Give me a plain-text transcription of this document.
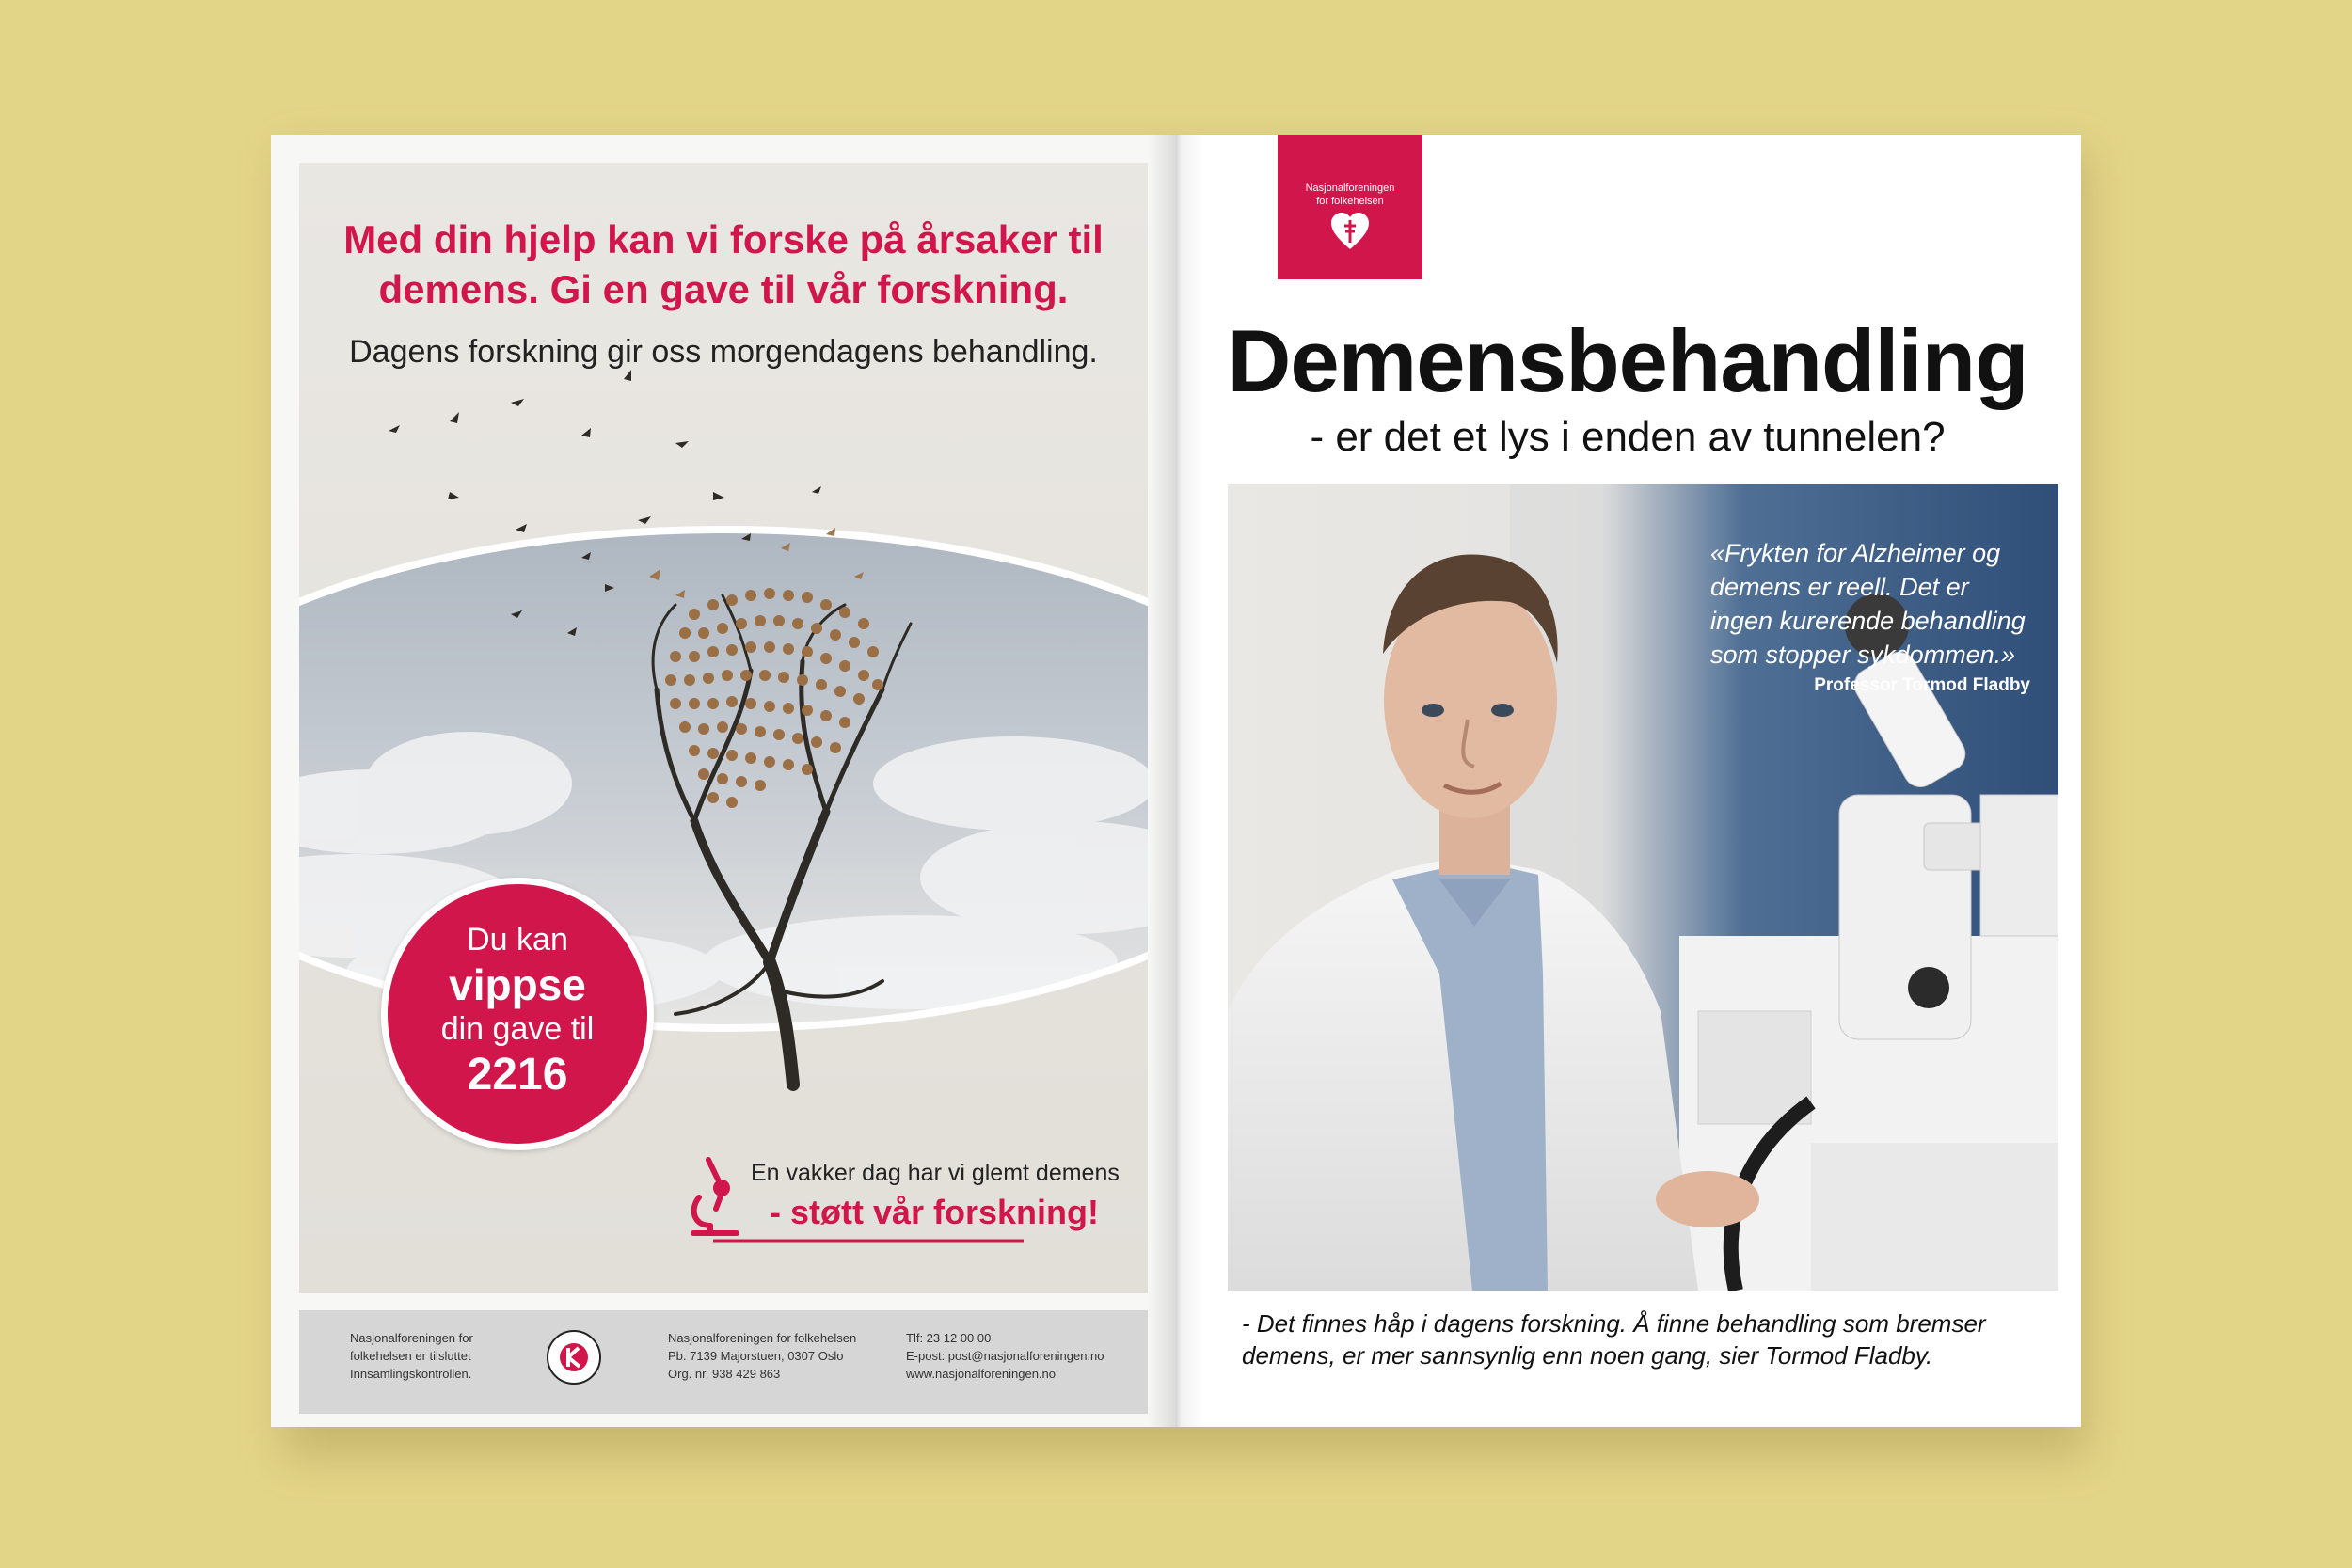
Med din hjelp kan vi forske på årsaker til
demens. Gi en gave til vår forskning.
Dagens forskning gir oss morgendagens behandling.
Du kan
vippse
din gave til
2216
En vakker dag har vi glemt demens
- støtt vår forskning!
Nasjonalforeningen for
folkehelsen er tilsluttet
Innsamlingskontrollen.
Nasjonalforeningen for folkehelsen
Pb. 7139 Majorstuen, 0307 Oslo
Org. nr. 938 429 863
Tlf: 23 12 00 00
E-post: post@nasjonalforeningen.no
www.nasjonalforeningen.no
Nasjonalforeningen
for folkehelsen
Demensbehandling
- er det et lys i enden av tunnelen?
«Frykten for Alzheimer og demens er reell. Det er ingen kurerende behandling som stopper sykdommen.»
Professor Tormod Fladby
- Det finnes håp i dagens forskning. Å finne behandling som bremser demens, er mer sannsynlig enn noen gang, sier Tormod Fladby.
